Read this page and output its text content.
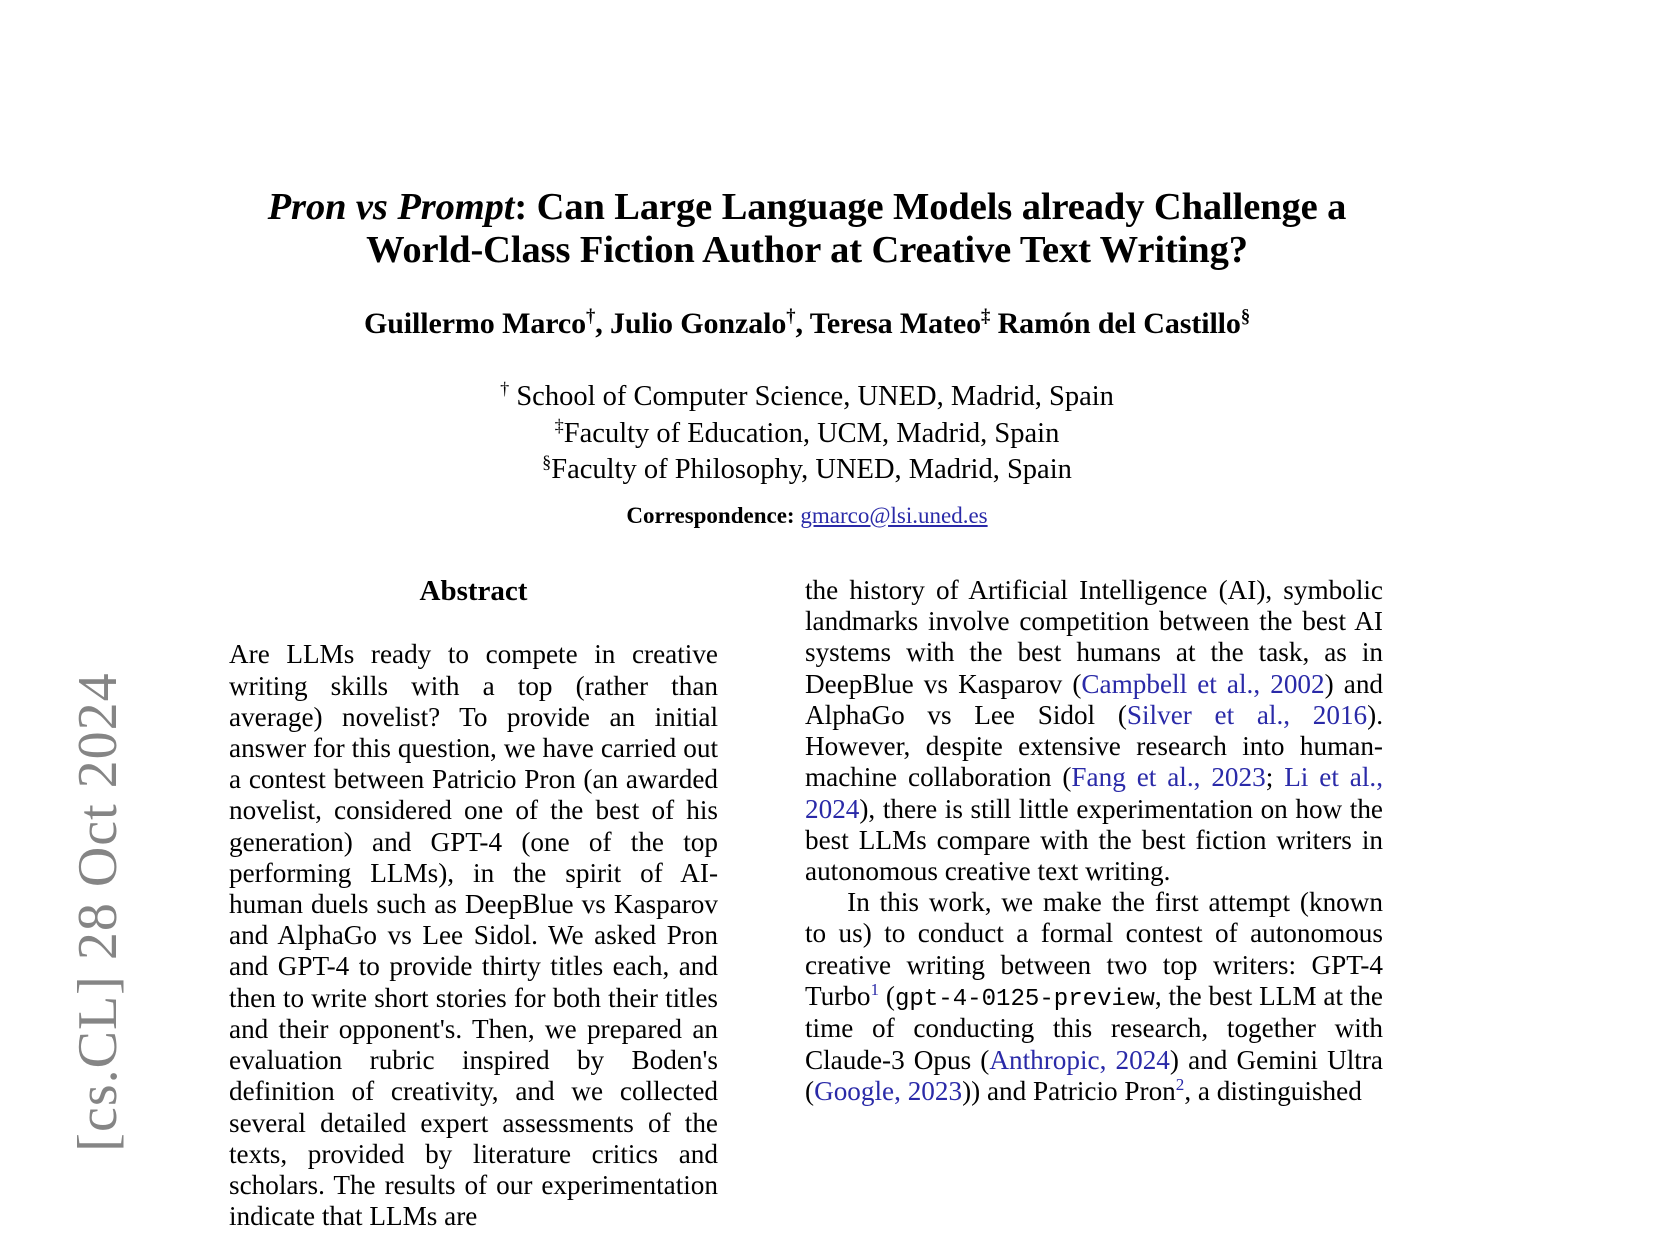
[cs.CL] 28 Oct 2024
Pron vs Prompt: Can Large Language Models already Challenge a World-Class Fiction Author at Creative Text Writing?
Guillermo Marco†, Julio Gonzalo†, Teresa Mateo‡ Ramón del Castillo§
† School of Computer Science, UNED, Madrid, Spain
‡Faculty of Education, UCM, Madrid, Spain
§Faculty of Philosophy, UNED, Madrid, Spain
Correspondence: gmarco@lsi.uned.es
Abstract

Are LLMs ready to compete in creative writing skills with a top (rather than average) novelist? To provide an initial answer for this question, we have carried out a contest between Patricio Pron (an awarded novelist, considered one of the best of his generation) and GPT-4 (one of the top performing LLMs), in the spirit of AI-human duels such as DeepBlue vs Kasparov and AlphaGo vs Lee Sidol. We asked Pron and GPT-4 to provide thirty titles each, and then to write short stories for both their titles and their opponent's. Then, we prepared an evaluation rubric inspired by Boden's definition of creativity, and we collected several detailed expert assessments of the texts, provided by literature critics and scholars. The results of our experimentation indicate that LLMs are

the history of Artificial Intelligence (AI), symbolic landmarks involve competition between the best AI systems with the best humans at the task, as in DeepBlue vs Kasparov (Campbell et al., 2002) and AlphaGo vs Lee Sidol (Silver et al., 2016). However, despite extensive research into human-machine collaboration (Fang et al., 2023; Li et al., 2024), there is still little experimentation on how the best LLMs compare with the best fiction writers in autonomous creative text writing.

In this work, we make the first attempt (known to us) to conduct a formal contest of autonomous creative writing between two top writers: GPT-4 Turbo$^1$ (gpt-4-0125-preview, the best LLM at the time of conducting this research, together with Claude-3 Opus (Anthropic, 2024) and Gemini Ultra (Google, 2023)) and Patricio Pron$^2$, a distinguished
